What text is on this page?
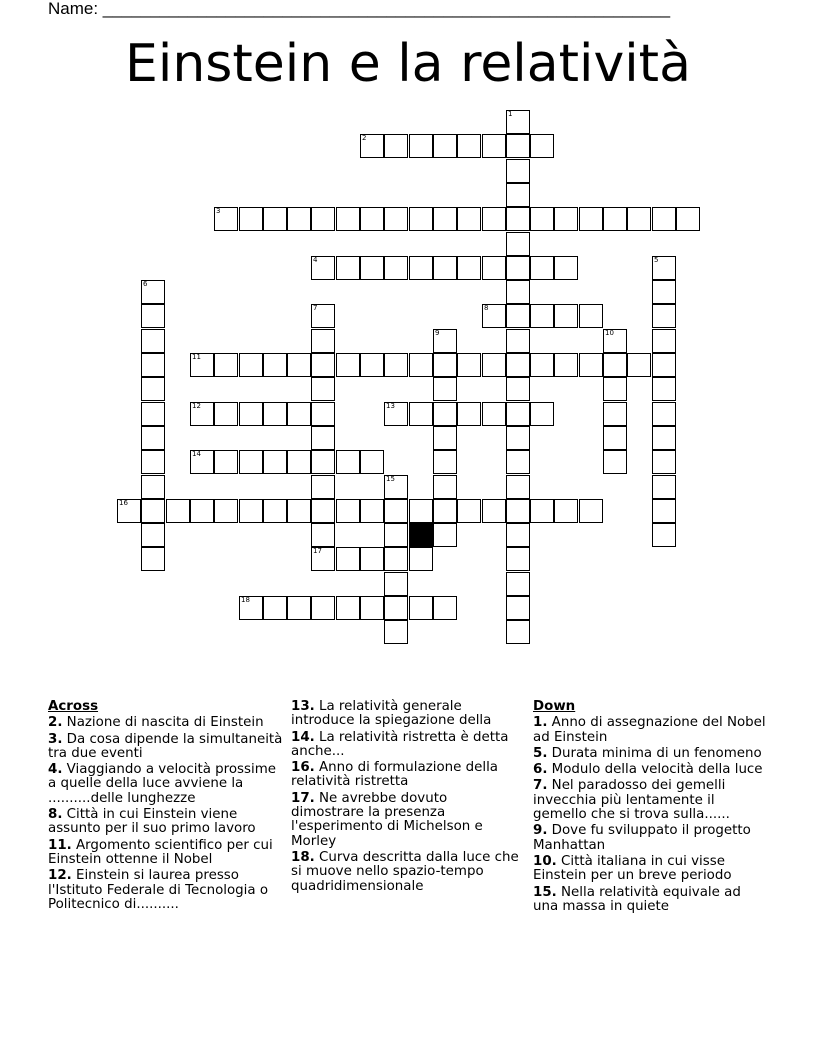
Name: ____________________________________________________________
Einstein e la relatività
1
2
3
4	5
6
7	8
9	10
11
12	13
14
15
16
17
18
Across
2. Nazione di nascita di Einstein
3. Da cosa dipende la simultaneità tra due eventi
4. Viaggiando a velocità prossime a quelle della luce avviene la ..........delle lunghezze
8. Città in cui Einstein viene assunto per il suo primo lavoro
11. Argomento scientifico per cui Einstein ottenne il Nobel
12. Einstein si laurea presso l'Istituto Federale di Tecnologia o Politecnico di..........
13. La relatività generale introduce la spiegazione della
14. La relatività ristretta è detta anche...
16. Anno di formulazione della relatività ristretta
17. Ne avrebbe dovuto dimostrare la presenza l'esperimento di Michelson e Morley
18. Curva descritta dalla luce che si muove nello spazio-tempo quadridimensionale
Down
1. Anno di assegnazione del Nobel ad Einstein
5. Durata minima di un fenomeno
6. Modulo della velocità della luce
7. Nel paradosso dei gemelli invecchia più lentamente il gemello che si trova sulla......
9. Dove fu sviluppato il progetto Manhattan
10. Città italiana in cui visse Einstein per un breve periodo
15. Nella relatività equivale ad una massa in quiete
